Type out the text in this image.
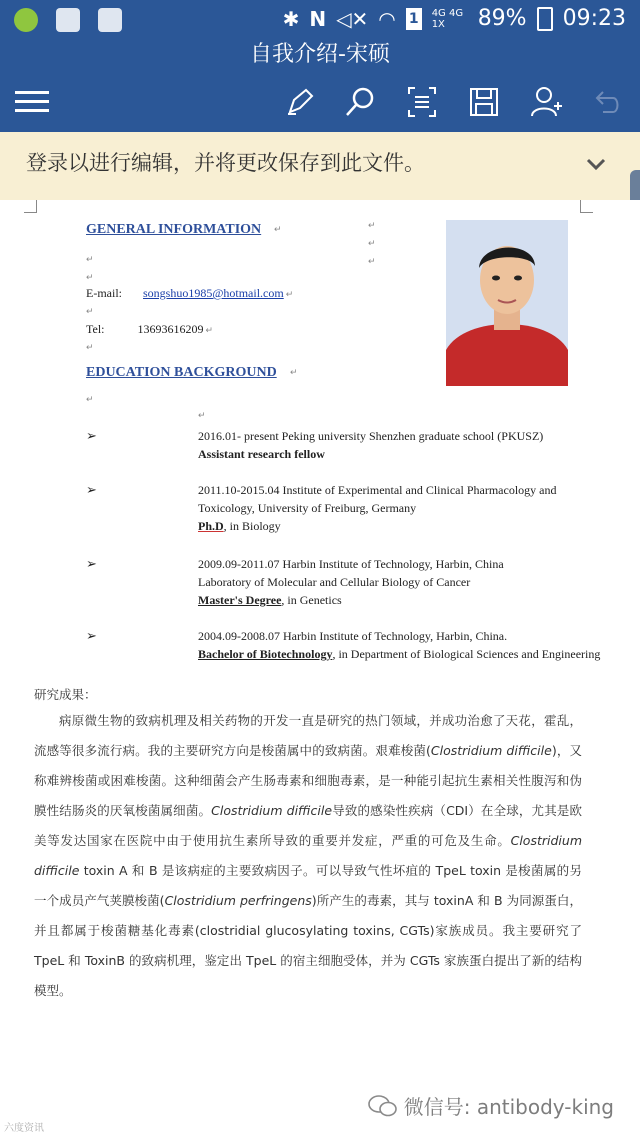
✱ N ◁✕ ◠ 1	4G 4G 1X	89% 09:23
自我介绍-宋硕
登录以进行编辑，并将更改保存到此文件。
GENERAL INFORMATION ↵	↵
↵
↵
↵
↵
E-mail: songshuo1985@hotmail.com ↵
↵
Tel:	13693616209 ↵
↵
EDUCATION BACKGROUND ↵
↵
↵
➢	2016.01- present Peking university Shenzhen graduate school (PKUSZ)
Assistant research fellow
➢	2011.10-2015.04 Institute of Experimental and Clinical Pharmacology and
Toxicology, University of Freiburg, Germany
Ph.D, in Biology
➢	2009.09-2011.07 Harbin Institute of Technology, Harbin, China
Laboratory of Molecular and Cellular Biology of Cancer
Master's Degree, in Genetics
➢	2004.09-2008.07 Harbin Institute of Technology, Harbin, China.
Bachelor of Biotechnology, in Department of Biological Sciences and Engineering
研究成果：

病原微生物的致病机理及相关药物的开发一直是研究的热门领域，并成功治愈了天花，霍乱，流感等很多流行病。我的主要研究方向是梭菌属中的致病菌。艰难梭菌(Clostridium difficile)，又称难辨梭菌或困难梭菌。这种细菌会产生肠毒素和细胞毒素，是一种能引起抗生素相关性腹泻和伪膜性结肠炎的厌氧梭菌属细菌。Clostridium difficile导致的感染性疾病（CDI）在全球，尤其是欧美等发达国家在医院中由于使用抗生素所导致的重要并发症，严重的可危及生命。Clostridium difficile toxin A 和 B 是该病症的主要致病因子。可以导致气性坏疽的 TpeL toxin 是梭菌属的另一个成员产气荚膜梭菌(Clostridium perfringens)所产生的毒素，其与 toxinA 和 B 为同源蛋白，并且都属于梭菌糖基化毒素(clostridial glucosylating toxins, CGTs)家族成员。我主要研究了 TpeL 和 ToxinB 的致病机理，鉴定出 TpeL 的宿主细胞受体，并为 CGTs 家族蛋白提出了新的结构模型。

微信号: antibody-king
六度资讯
